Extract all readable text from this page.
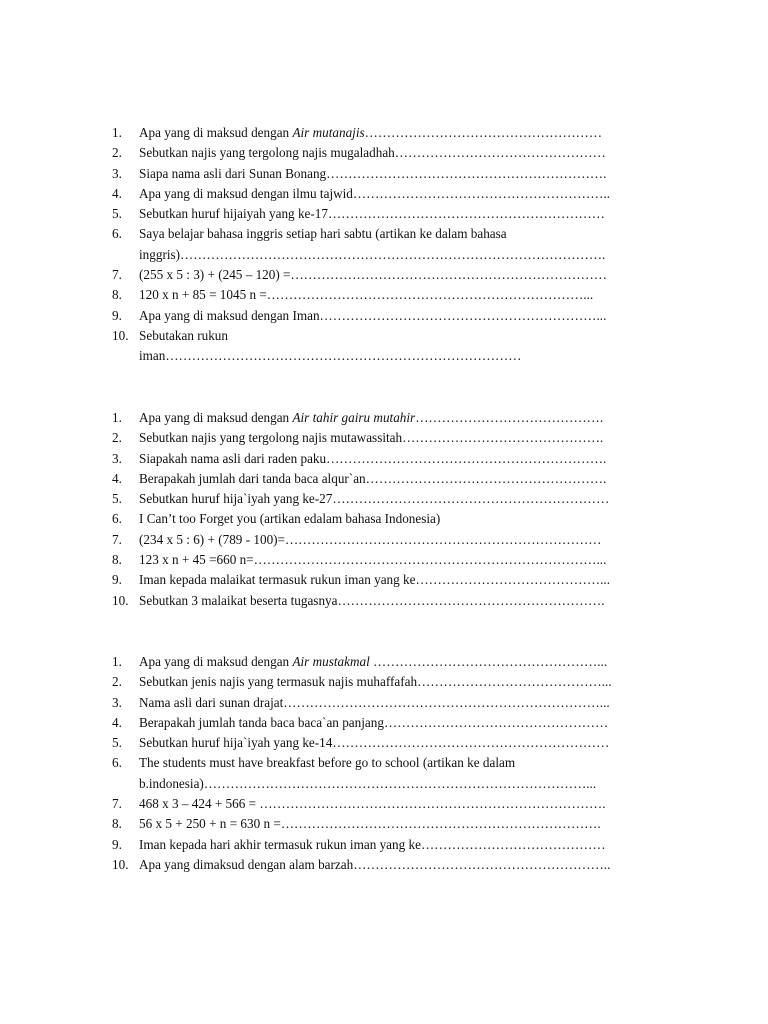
1. Apa yang di maksud dengan Air mutanajis………………………………………………
2. Sebutkan najis yang tergolong najis mugaladhah…………………………………………
3. Siapa nama asli dari Sunan Bonang……………………………………………………….
4. Apa yang di maksud dengan ilmu tajwid…………………………………………………..
5. Sebutkan huruf hijaiyah yang ke-17………………………………………………………
6. Saya belajar bahasa inggris setiap hari sabtu (artikan ke dalam bahasa
inggris)…………………………………………………………………………………….
7. (255 x 5 : 3) + (245 – 120) =………………………………………………………………
8. 120 x n + 85 = 1045 n =………………………………………………………………...
9. Apa yang di maksud dengan Iman………………………………………………………...
10. Sebutakan rukun
iman………………………………………………………………………
1. Apa yang di maksud dengan Air tahir gairu mutahir…………………………………….
2. Sebutkan najis yang tergolong najis mutawassitah……………………………………….
3. Siapakah nama asli dari raden paku……………………………………………………….
4. Berapakah jumlah dari tanda baca alqur`an……………………………………………….
5. Sebutkan huruf hija`iyah yang ke-27………………………………………………………
6. I Can’t too Forget you (artikan edalam bahasa Indonesia)
7. (234 x 5 : 6) + (789 - 100)=………………………………………………………………
8. 123 x n + 45 =660 n=……………………………………………………………………...
9. Iman kepada malaikat termasuk rukun iman yang ke……………………………………...
10. Sebutkan 3 malaikat beserta tugasnya…………………………………………………….
1. Apa yang di maksud dengan Air mustakmal ……………………………………………...
2. Sebutkan jenis najis yang termasuk najis muhaffafah……………………………………...
3. Nama asli dari sunan drajat………………………………………………………………...
4. Berapakah jumlah tanda baca baca`an panjang……………………………………………
5. Sebutkan huruf hija`iyah yang ke-14………………………………………………………
6. The students must have breakfast before go to school (artikan ke dalam
b.indonesia)……………………………………………………………………………...
7. 468 x 3 – 424 + 566 = …………………………………………………………………….
8. 56 x 5 + 250 + n = 630 n =……………………………………………………………….
9. Iman kepada hari akhir termasuk rukun iman yang ke……………………………………
10. Apa yang dimaksud dengan alam barzah…………………………………………………..
